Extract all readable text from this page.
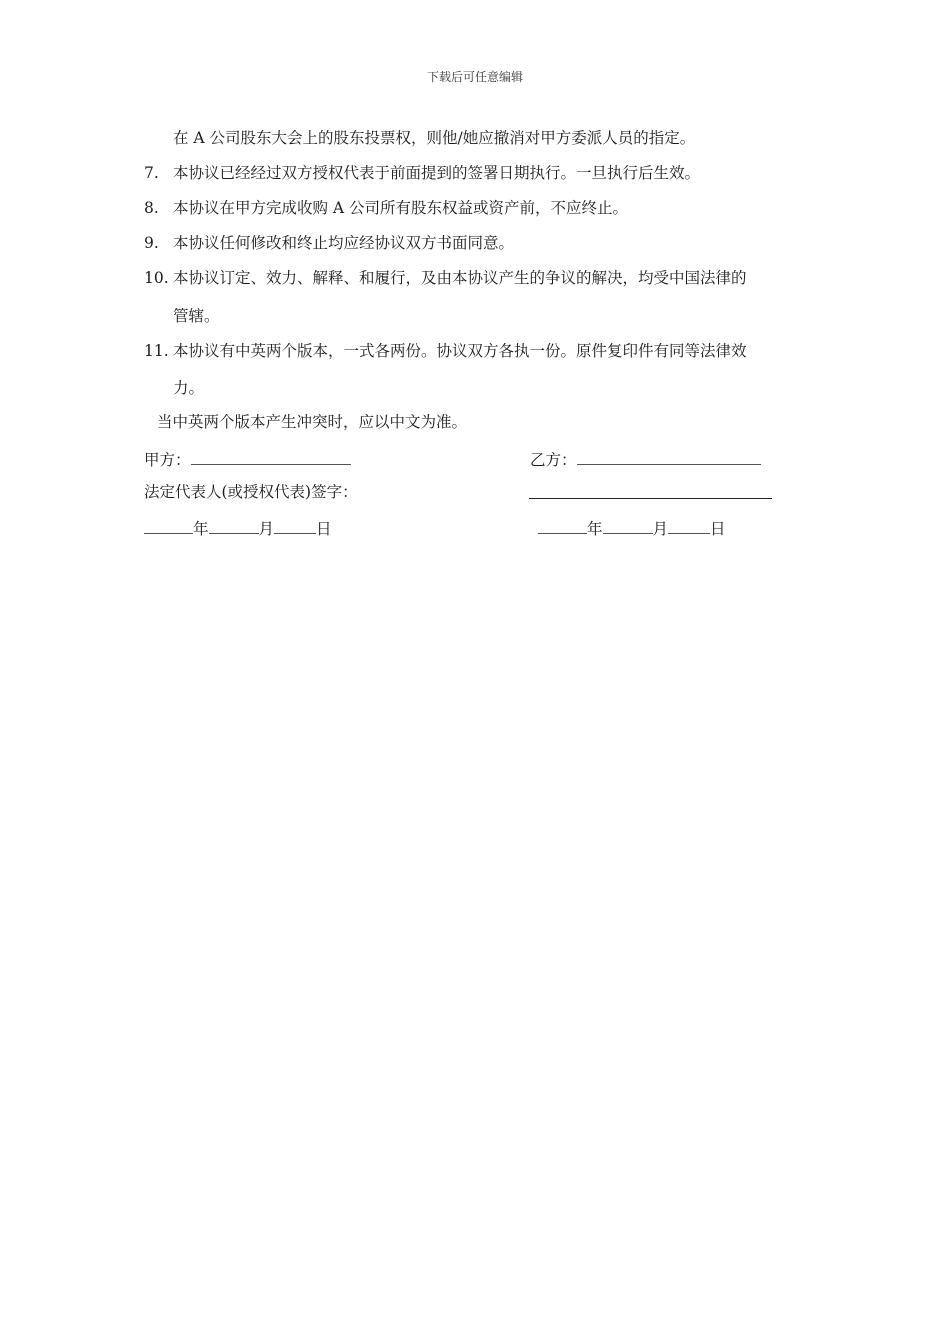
下载后可任意编辑
在 A 公司股东大会上的股东投票权，则他/她应撤消对甲方委派人员的指定。
7. 本协议已经经过双方授权代表于前面提到的签署日期执行。一旦执行后生效。
8. 本协议在甲方完成收购 A 公司所有股东权益或资产前，不应终止。
9. 本协议任何修改和终止均应经协议双方书面同意。
10. 本协议订定、效力、解释、和履行，及由本协议产生的争议的解决，均受中国法律的
管辖。
11. 本协议有中英两个版本，一式各两份。协议双方各执一份。原件复印件有同等法律效
力。
当中英两个版本产生冲突时，应以中文为准。
甲方：	乙方：
法定代表人(或授权代表)签字：
年	月	日	年	月	日
